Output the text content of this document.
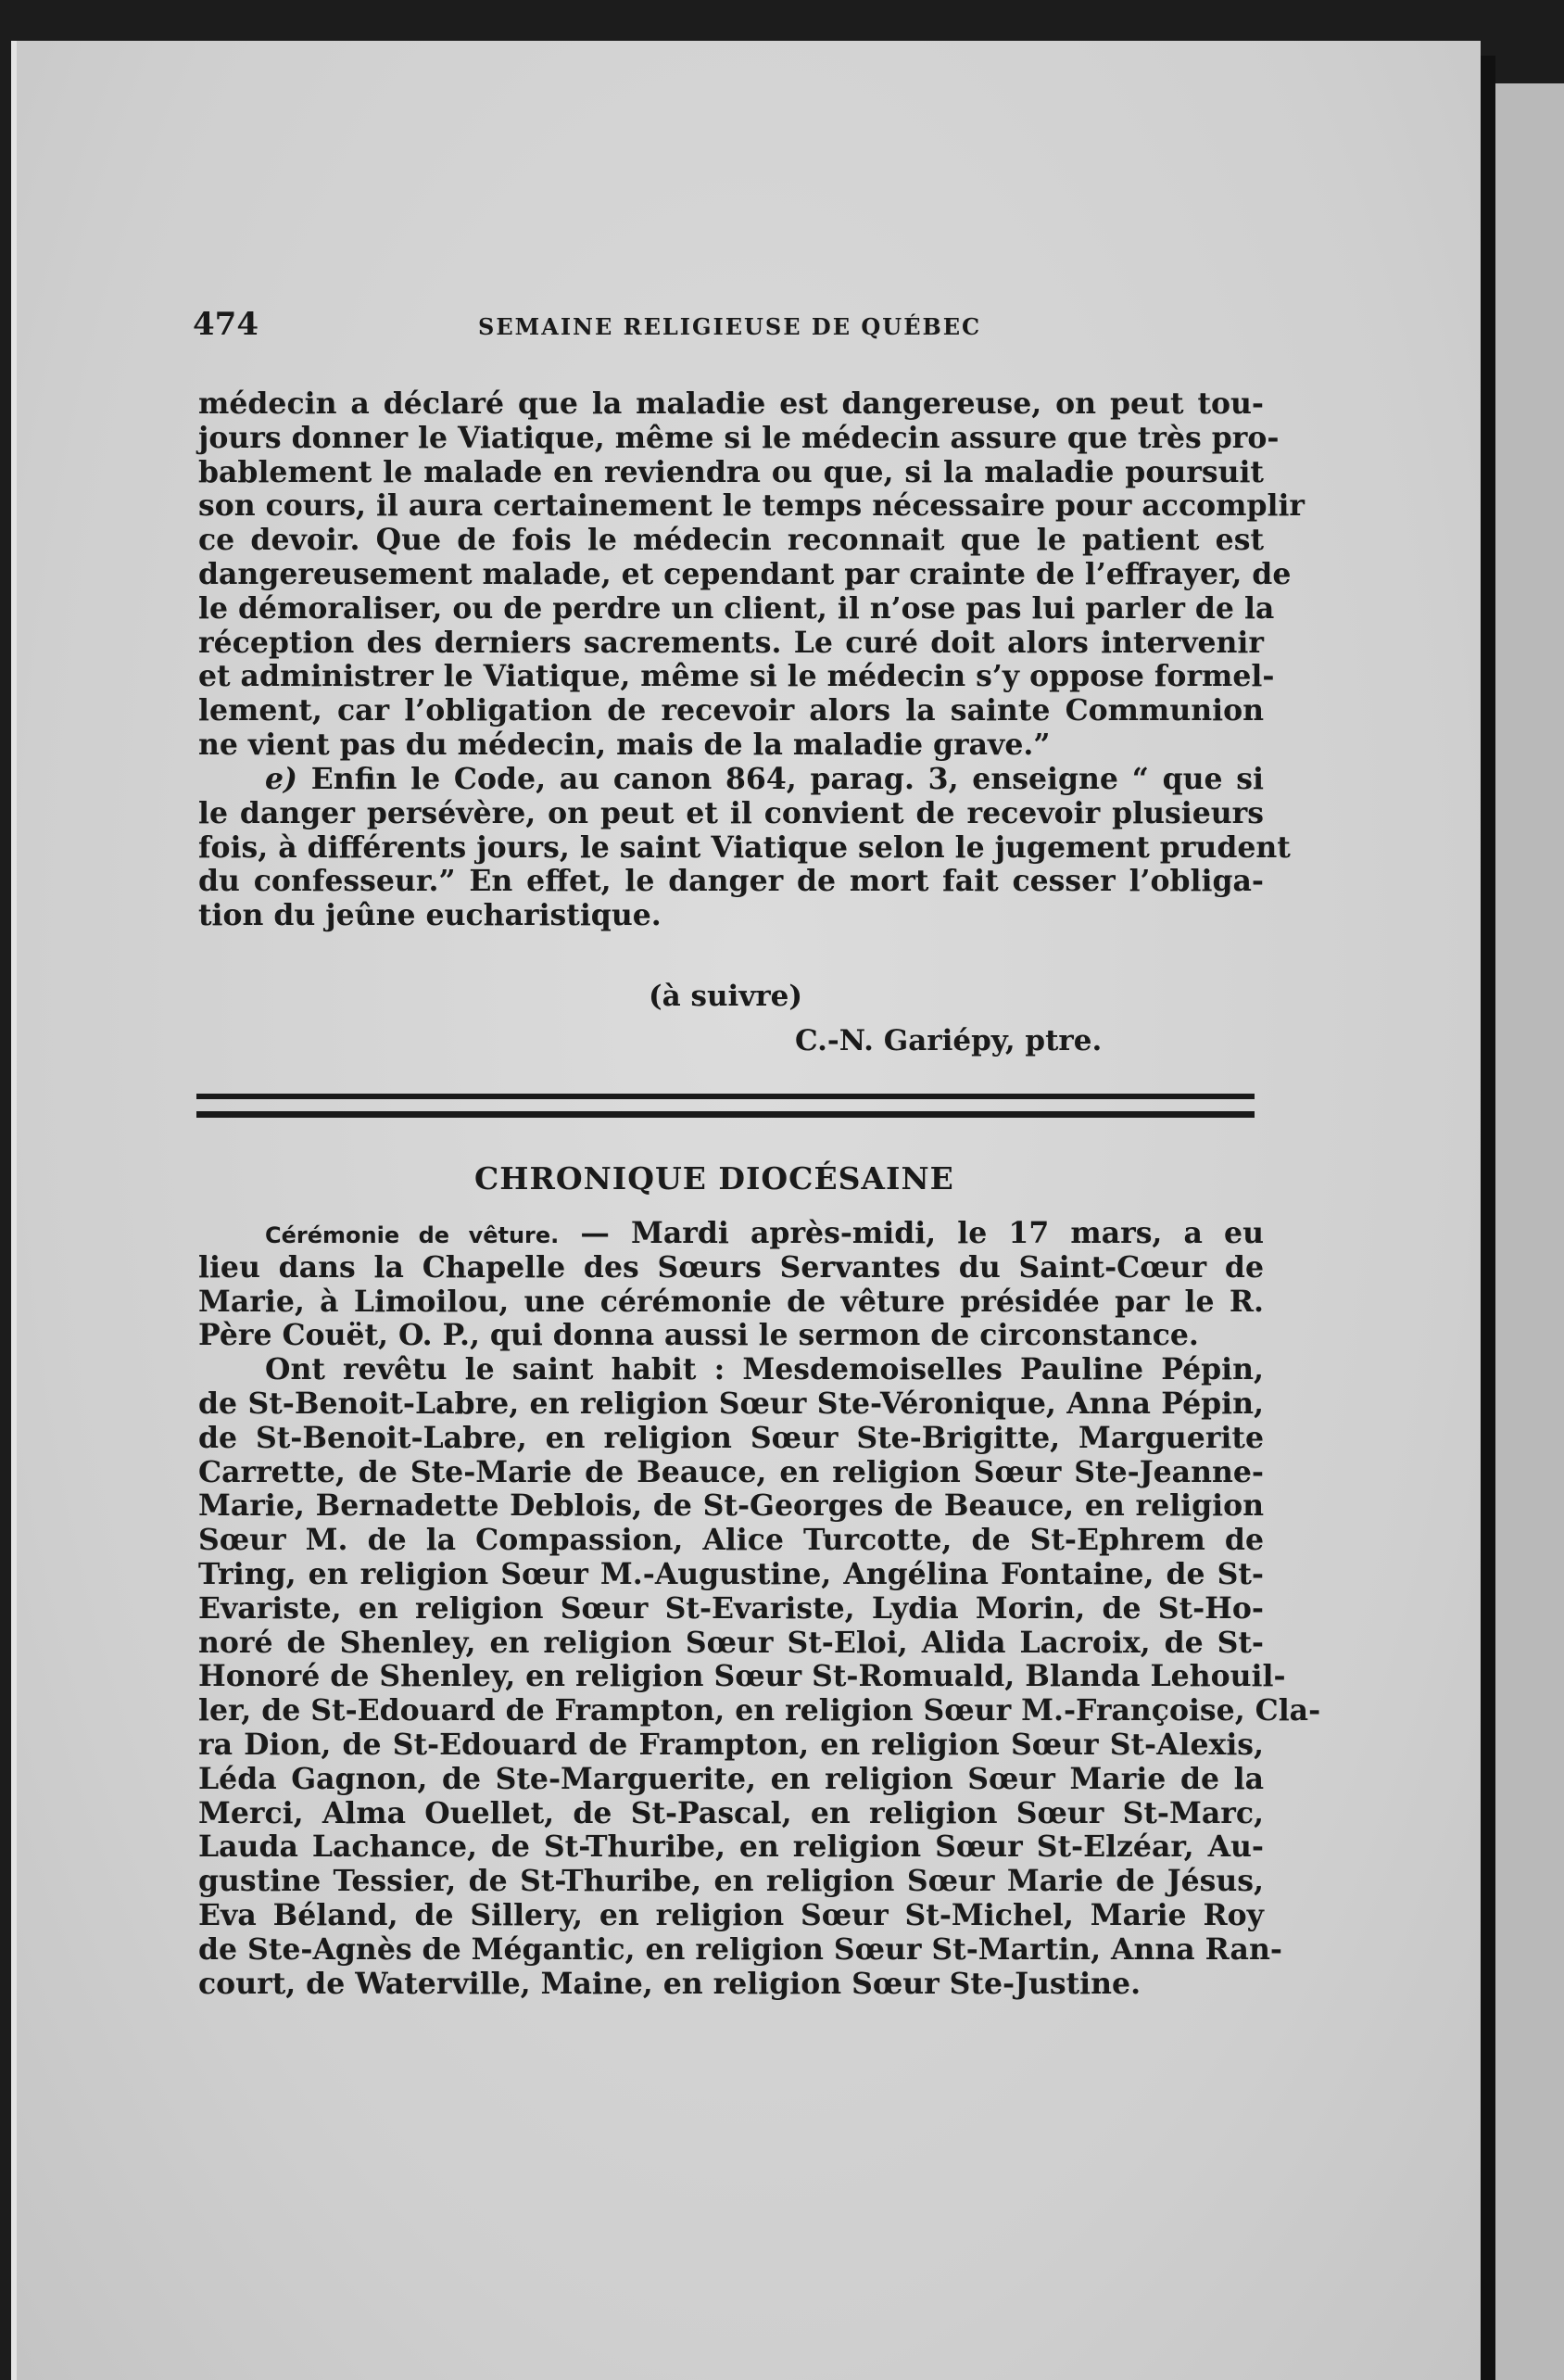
474	SEMAINE RELIGIEUSE DE QUÉBEC
médecin a déclaré que la maladie est dangereuse, on peut tou-
jours donner le Viatique, même si le médecin assure que très pro-
bablement le malade en reviendra ou que, si la maladie poursuit
son cours, il aura certainement le temps nécessaire pour accomplir
ce devoir. Que de fois le médecin reconnait que le patient est
dangereusement malade, et cependant par crainte de l’effrayer, de
le démoraliser, ou de perdre un client, il n’ose pas lui parler de la
réception des derniers sacrements. Le curé doit alors intervenir
et administrer le Viatique, même si le médecin s’y oppose formel-
lement, car l’obligation de recevoir alors la sainte Communion
ne vient pas du médecin, mais de la maladie grave.”
e) Enfin le Code, au canon 864, parag. 3, enseigne “ que si
le danger persévère, on peut et il convient de recevoir plusieurs
fois, à différents jours, le saint Viatique selon le jugement prudent
du confesseur.” En effet, le danger de mort fait cesser l’obliga-
tion du jeûne eucharistique.
(à suivre)
C.-N. Gariépy, ptre.
CHRONIQUE DIOCÉSAINE
Cérémonie de vêture. — Mardi après-midi, le 17 mars, a eu
lieu dans la Chapelle des Sœurs Servantes du Saint-Cœur de
Marie, à Limoilou, une cérémonie de vêture présidée par le R.
Père Couët, O. P., qui donna aussi le sermon de circonstance.
Ont revêtu le saint habit : Mesdemoiselles Pauline Pépin,
de St-Benoit-Labre, en religion Sœur Ste-Véronique, Anna Pépin,
de St-Benoit-Labre, en religion Sœur Ste-Brigitte, Marguerite
Carrette, de Ste-Marie de Beauce, en religion Sœur Ste-Jeanne-
Marie, Bernadette Deblois, de St-Georges de Beauce, en religion
Sœur M. de la Compassion, Alice Turcotte, de St-Ephrem de
Tring, en religion Sœur M.-Augustine, Angélina Fontaine, de St-
Evariste, en religion Sœur St-Evariste, Lydia Morin, de St-Ho-
noré de Shenley, en religion Sœur St-Eloi, Alida Lacroix, de St-
Honoré de Shenley, en religion Sœur St-Romuald, Blanda Lehouil-
ler, de St-Edouard de Frampton, en religion Sœur M.-Françoise, Cla-
ra Dion, de St-Edouard de Frampton, en religion Sœur St-Alexis,
Léda Gagnon, de Ste-Marguerite, en religion Sœur Marie de la
Merci, Alma Ouellet, de St-Pascal, en religion Sœur St-Marc,
Lauda Lachance, de St-Thuribe, en religion Sœur St-Elzéar, Au-
gustine Tessier, de St-Thuribe, en religion Sœur Marie de Jésus,
Eva Béland, de Sillery, en religion Sœur St-Michel, Marie Roy
de Ste-Agnès de Mégantic, en religion Sœur St-Martin, Anna Ran-
court, de Waterville, Maine, en religion Sœur Ste-Justine.
